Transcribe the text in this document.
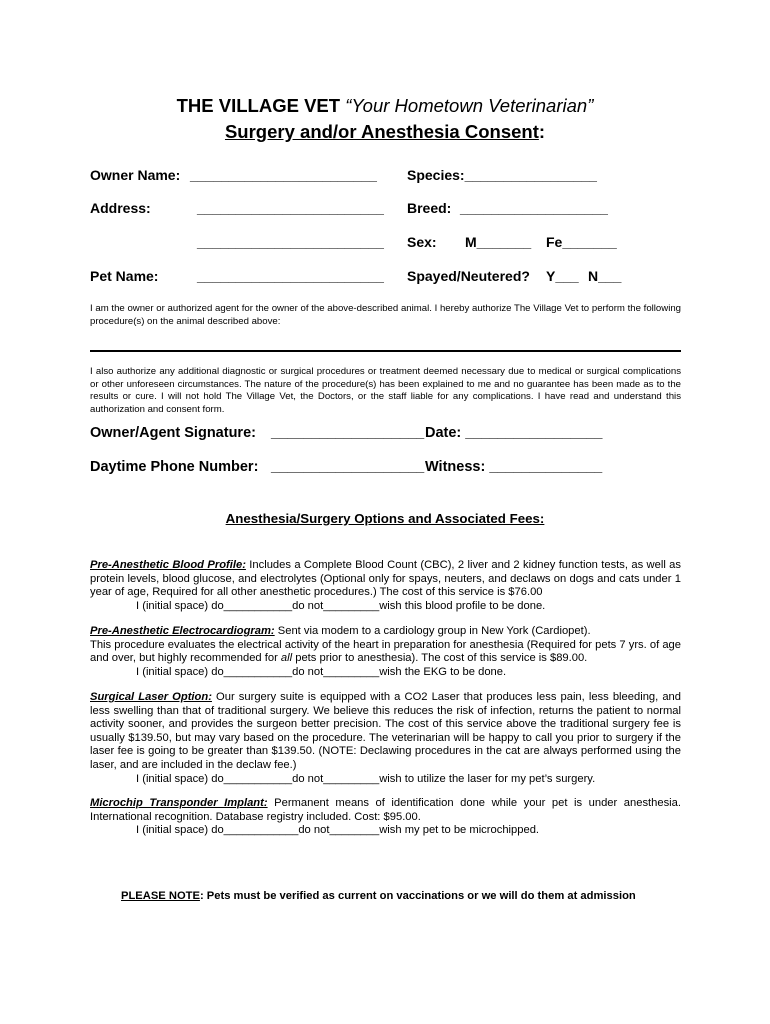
THE VILLAGE VET “Your Hometown Veterinarian”
Surgery and/or Anesthesia Consent:
Owner Name: ________________________ Species:_________________
Address:	________________________ Breed: ___________________
________________________ Sex: M_______ Fe_______
Pet Name:	________________________ Spayed/Neutered? Y___ N___
I am the owner or authorized agent for the owner of the above-described animal. I hereby authorize The Village Vet to perform the following procedure(s) on the animal described above:
I also authorize any additional diagnostic or surgical procedures or treatment deemed necessary due to medical or surgical complications or other unforeseen circumstances. The nature of the procedure(s) has been explained to me and no guarantee has been made as to the results or cure. I will not hold The Village Vet, the Doctors, or the staff liable for any complications. I have read and understand this authorization and consent form.
Owner/Agent Signature: ___________________ Date: _________________
Daytime Phone Number: ___________________ Witness: ______________
Anesthesia/Surgery Options and Associated Fees:
Pre-Anesthetic Blood Profile: Includes a Complete Blood Count (CBC), 2 liver and 2 kidney function tests, as well as protein levels, blood glucose, and electrolytes (Optional only for spays, neuters, and declaws on dogs and cats under 1 year of age, Required for all other anesthetic procedures.) The cost of this service is $76.00
I (initial space) do___________do not_________wish this blood profile to be done.
Pre-Anesthetic Electrocardiogram: Sent via modem to a cardiology group in New York (Cardiopet).
This procedure evaluates the electrical activity of the heart in preparation for anesthesia (Required for pets 7 yrs. of age and over, but highly recommended for all pets prior to anesthesia). The cost of this service is $89.00.
I (initial space) do___________do not_________wish the EKG to be done.
Surgical Laser Option: Our surgery suite is equipped with a CO2 Laser that produces less pain, less bleeding, and less swelling than that of traditional surgery. We believe this reduces the risk of infection, returns the patient to normal activity sooner, and provides the surgeon better precision. The cost of this service above the traditional surgery fee is usually $139.50, but may vary based on the procedure. The veterinarian will be happy to call you prior to surgery if the laser fee is going to be greater than $139.50. (NOTE: Declawing procedures in the cat are always performed using the laser, and are included in the declaw fee.)
I (initial space) do___________do not_________wish to utilize the laser for my pet’s surgery.
Microchip Transponder Implant: Permanent means of identification done while your pet is under anesthesia. International recognition. Database registry included. Cost: $95.00.
I (initial space) do____________do not________wish my pet to be microchipped.
PLEASE NOTE: Pets must be verified as current on vaccinations or we will do them at admission
